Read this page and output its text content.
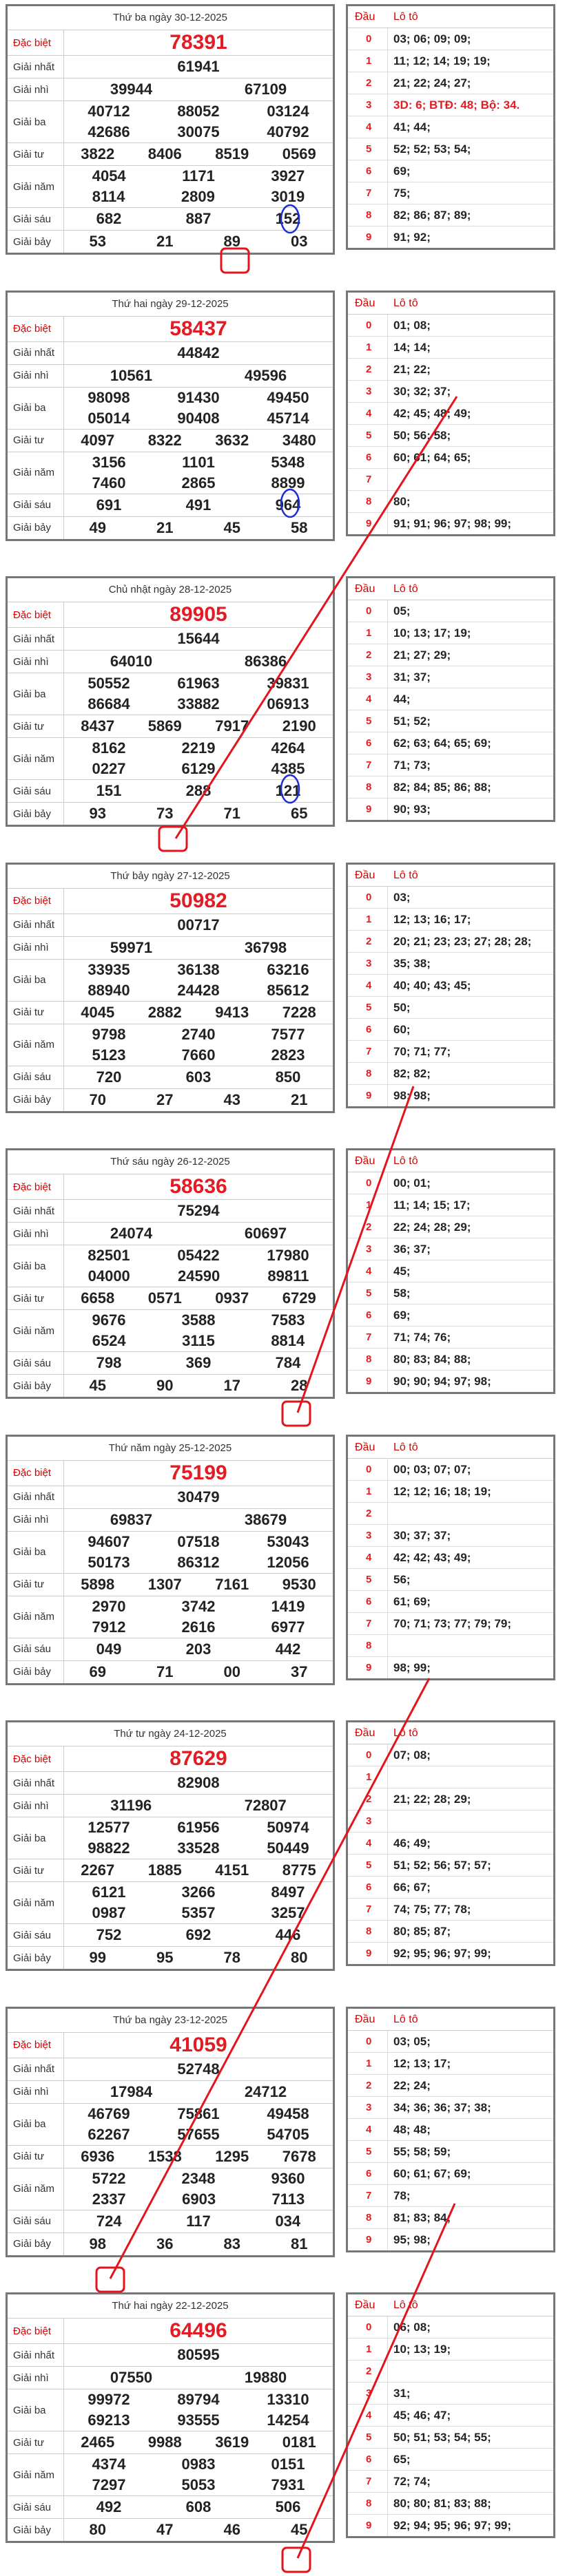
Thứ ba ngày 30-12-2025
Đặc biệt	78391
Giải nhất	61941
Giải nhì	39944	67109
Giải ba
40712	88052	03124
42686	30075	40792
Giải tư	3822 8406 8519 0569
Giải năm
4054	1171	3927
8114	2809	3019
Giải sáu	682	887	152
Giải bảy	53	21	89	03
Đầu	Lô tô
0	03; 06; 09; 09;
1	11; 12; 14; 19; 19;
2	21; 22; 24; 27;
3	3D: 6; BTĐ: 48; Bộ: 34.
4	41; 44;
5	52; 52; 53; 54;
6	69;
7	75;
8	82; 86; 87; 89;
9	91; 92;
Thứ hai ngày 29-12-2025
Đặc biệt	58437
Giải nhất	44842
Giải nhì	10561	49596
Giải ba
98098	91430	49450
05014	90408	45714
Giải tư	4097 8322 3632 3480
Giải năm
3156	1101	5348
7460	2865	8899
Giải sáu	691	491	964
Giải bảy	49	21	45	58
Đầu	Lô tô
0	01; 08;
1	14; 14;
2	21; 22;
3	30; 32; 37;
4	42; 45; 48; 49;
5	50; 56; 58;
6	60; 61; 64; 65;
7
8	80;
9	91; 91; 96; 97; 98; 99;
Chủ nhật ngày 28-12-2025
Đặc biệt	89905
Giải nhất	15644
Giải nhì	64010	86386
Giải ba
50552	61963	39831
86684	33882	06913
Giải tư	8437 5869 7917 2190
Giải năm
8162	2219	4264
0227	6129	4385
Giải sáu	151	288	121
Giải bảy	93	73	71	65
Đầu	Lô tô
0	05;
1	10; 13; 17; 19;
2	21; 27; 29;
3	31; 37;
4	44;
5	51; 52;
6	62; 63; 64; 65; 69;
7	71; 73;
8	82; 84; 85; 86; 88;
9	90; 93;
Thứ bảy ngày 27-12-2025
Đặc biệt	50982
Giải nhất	00717
Giải nhì	59971	36798
Giải ba
33935	36138	63216
88940	24428	85612
Giải tư	4045 2882 9413 7228
Giải năm
9798	2740	7577
5123	7660	2823
Giải sáu	720	603	850
Giải bảy	70	27	43	21
Đầu	Lô tô
0	03;
1	12; 13; 16; 17;
2	20; 21; 23; 23; 27; 28; 28;
3	35; 38;
4	40; 40; 43; 45;
5	50;
6	60;
7	70; 71; 77;
8	82; 82;
9	98; 98;
Thứ sáu ngày 26-12-2025
Đặc biệt	58636
Giải nhất	75294
Giải nhì	24074	60697
Giải ba
82501	05422	17980
04000	24590	89811
Giải tư	6658 0571 0937 6729
Giải năm
9676	3588	7583
6524	3115	8814
Giải sáu	798	369	784
Giải bảy	45	90	17	28
Đầu	Lô tô
0	00; 01;
1	11; 14; 15; 17;
2	22; 24; 28; 29;
3	36; 37;
4	45;
5	58;
6	69;
7	71; 74; 76;
8	80; 83; 84; 88;
9	90; 90; 94; 97; 98;
Thứ năm ngày 25-12-2025
Đặc biệt	75199
Giải nhất	30479
Giải nhì	69837	38679
Giải ba
94607	07518	53043
50173	86312	12056
Giải tư	5898 1307 7161 9530
Giải năm
2970	3742	1419
7912	2616	6977
Giải sáu	049	203	442
Giải bảy	69	71	00	37
Đầu	Lô tô
0	00; 03; 07; 07;
1	12; 12; 16; 18; 19;
2
3	30; 37; 37;
4	42; 42; 43; 49;
5	56;
6	61; 69;
7	70; 71; 73; 77; 79; 79;
8
9	98; 99;
Thứ tư ngày 24-12-2025
Đặc biệt	87629
Giải nhất	82908
Giải nhì	31196	72807
Giải ba
12577	61956	50974
98822	33528	50449
Giải tư	2267 1885 4151 8775
Giải năm
6121	3266	8497
0987	5357	3257
Giải sáu	752	692	446
Giải bảy	99	95	78	80
Đầu	Lô tô
0	07; 08;
1
2	21; 22; 28; 29;
3
4	46; 49;
5	51; 52; 56; 57; 57;
6	66; 67;
7	74; 75; 77; 78;
8	80; 85; 87;
9	92; 95; 96; 97; 99;
Thứ ba ngày 23-12-2025
Đặc biệt	41059
Giải nhất	52748
Giải nhì	17984	24712
Giải ba
46769	75861	49458
62267	57655	54705
Giải tư	6936 1538 1295 7678
Giải năm
5722	2348	9360
2337	6903	7113
Giải sáu	724	117	034
Giải bảy	98	36	83	81
Đầu	Lô tô
0	03; 05;
1	12; 13; 17;
2	22; 24;
3	34; 36; 36; 37; 38;
4	48; 48;
5	55; 58; 59;
6	60; 61; 67; 69;
7	78;
8	81; 83; 84;
9	95; 98;
Thứ hai ngày 22-12-2025
Đặc biệt	64496
Giải nhất	80595
Giải nhì	07550	19880
Giải ba
99972	89794	13310
69213	93555	14254
Giải tư	2465 9988 3619 0181
Giải năm
4374	0983	0151
7297	5053	7931
Giải sáu	492	608	506
Giải bảy	80	47	46	45
Đầu	Lô tô
0	06; 08;
1	10; 13; 19;
2
3	31;
4	45; 46; 47;
5	50; 51; 53; 54; 55;
6	65;
7	72; 74;
8	80; 80; 81; 83; 88;
9	92; 94; 95; 96; 97; 99;
